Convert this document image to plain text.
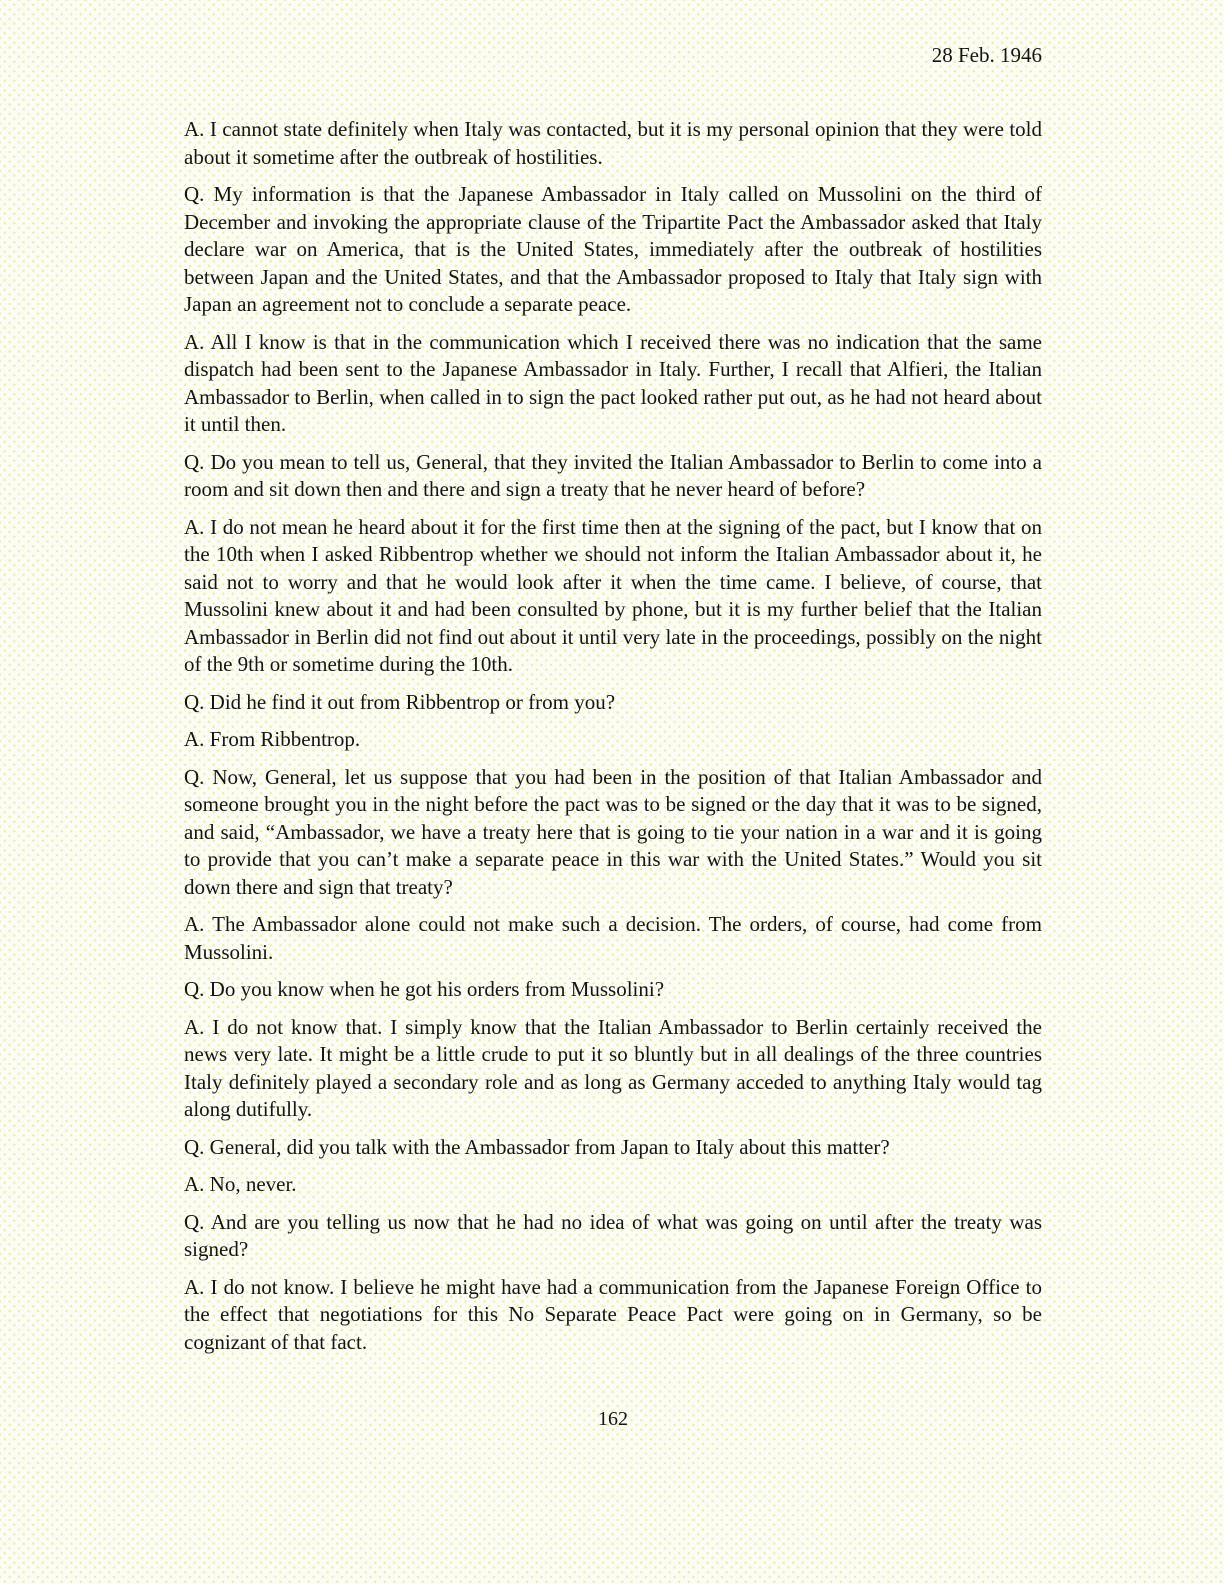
28 Feb. 1946

A. I cannot state definitely when Italy was contacted, but it is my personal opinion that they were told about it sometime after the outbreak of hostilities.

Q. My information is that the Japanese Ambassador in Italy called on Mussolini on the third of December and invoking the appropriate clause of the Tripartite Pact the Ambassador asked that Italy declare war on America, that is the United States, immediately after the outbreak of hostilities between Japan and the United States, and that the Ambassador proposed to Italy that Italy sign with Japan an agreement not to conclude a separate peace.

A. All I know is that in the communication which I received there was no indication that the same dispatch had been sent to the Japanese Ambassador in Italy. Further, I recall that Alfieri, the Italian Ambassador to Berlin, when called in to sign the pact looked rather put out, as he had not heard about it until then.

Q. Do you mean to tell us, General, that they invited the Italian Ambassador to Berlin to come into a room and sit down then and there and sign a treaty that he never heard of before?

A. I do not mean he heard about it for the first time then at the signing of the pact, but I know that on the 10th when I asked Ribbentrop whether we should not inform the Italian Ambassador about it, he said not to worry and that he would look after it when the time came. I believe, of course, that Mussolini knew about it and had been consulted by phone, but it is my further belief that the Italian Ambassador in Berlin did not find out about it until very late in the proceedings, possibly on the night of the 9th or sometime during the 10th.

Q. Did he find it out from Ribbentrop or from you?

A. From Ribbentrop.

Q. Now, General, let us suppose that you had been in the position of that Italian Ambassador and someone brought you in the night before the pact was to be signed or the day that it was to be signed, and said, “Ambassador, we have a treaty here that is going to tie your nation in a war and it is going to provide that you can’t make a separate peace in this war with the United States.” Would you sit down there and sign that treaty?

A. The Ambassador alone could not make such a decision. The orders, of course, had come from Mussolini.

Q. Do you know when he got his orders from Mussolini?

A. I do not know that. I simply know that the Italian Ambassador to Berlin certainly received the news very late. It might be a little crude to put it so bluntly but in all dealings of the three countries Italy definitely played a secondary role and as long as Germany acceded to anything Italy would tag along dutifully.

Q. General, did you talk with the Ambassador from Japan to Italy about this matter?

A. No, never.

Q. And are you telling us now that he had no idea of what was going on until after the treaty was signed?

A. I do not know. I believe he might have had a communication from the Japanese Foreign Office to the effect that negotiations for this No Separate Peace Pact were going on in Germany, so be cognizant of that fact.

162
